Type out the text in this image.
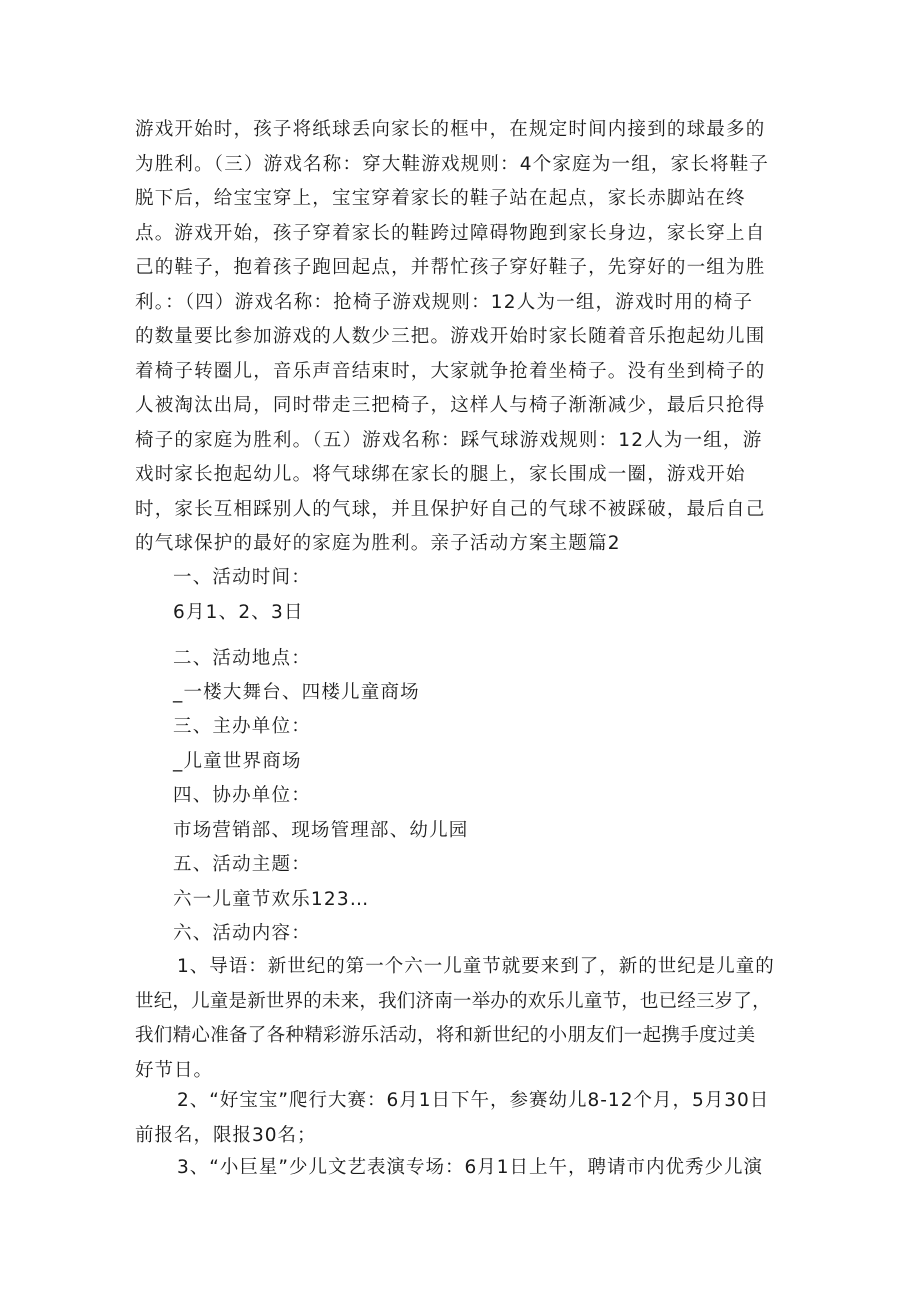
游戏开始时，孩子将纸球丢向家长的框中，在规定时间内接到的球最多的
为胜利。（三）游戏名称：穿大鞋游戏规则：4个家庭为一组，家长将鞋子
脱下后，给宝宝穿上，宝宝穿着家长的鞋子站在起点，家长赤脚站在终
点。游戏开始，孩子穿着家长的鞋跨过障碍物跑到家长身边，家长穿上自
己的鞋子，抱着孩子跑回起点，并帮忙孩子穿好鞋子，先穿好的一组为胜
利。：（四）游戏名称：抢椅子游戏规则：12人为一组，游戏时用的椅子
的数量要比参加游戏的人数少三把。游戏开始时家长随着音乐抱起幼儿围
着椅子转圈儿，音乐声音结束时，大家就争抢着坐椅子。没有坐到椅子的
人被淘汰出局，同时带走三把椅子，这样人与椅子渐渐减少，最后只抢得
椅子的家庭为胜利。（五）游戏名称：踩气球游戏规则：12人为一组，游
戏时家长抱起幼儿。将气球绑在家长的腿上，家长围成一圈，游戏开始
时，家长互相踩别人的气球，并且保护好自己的气球不被踩破，最后自己
的气球保护的最好的家庭为胜利。亲子活动方案主题篇2
一、活动时间：
6月1、2、3日
二、活动地点：
_一楼大舞台、四楼儿童商场
三、主办单位：
_儿童世界商场
四、协办单位：
市场营销部、现场管理部、幼儿园
五、活动主题：
六一儿童节欢乐123…
六、活动内容：
1、导语：新世纪的第一个六一儿童节就要来到了，新的世纪是儿童的
世纪，儿童是新世界的未来，我们济南一举办的欢乐儿童节，也已经三岁了，
我们精心准备了各种精彩游乐活动，将和新世纪的小朋友们一起携手度过美
好节日。
2、“好宝宝”爬行大赛：6月1日下午，参赛幼儿8-12个月，5月30日
前报名，限报30名；
3、“小巨星”少儿文艺表演专场：6月1日上午，聘请市内优秀少儿演
